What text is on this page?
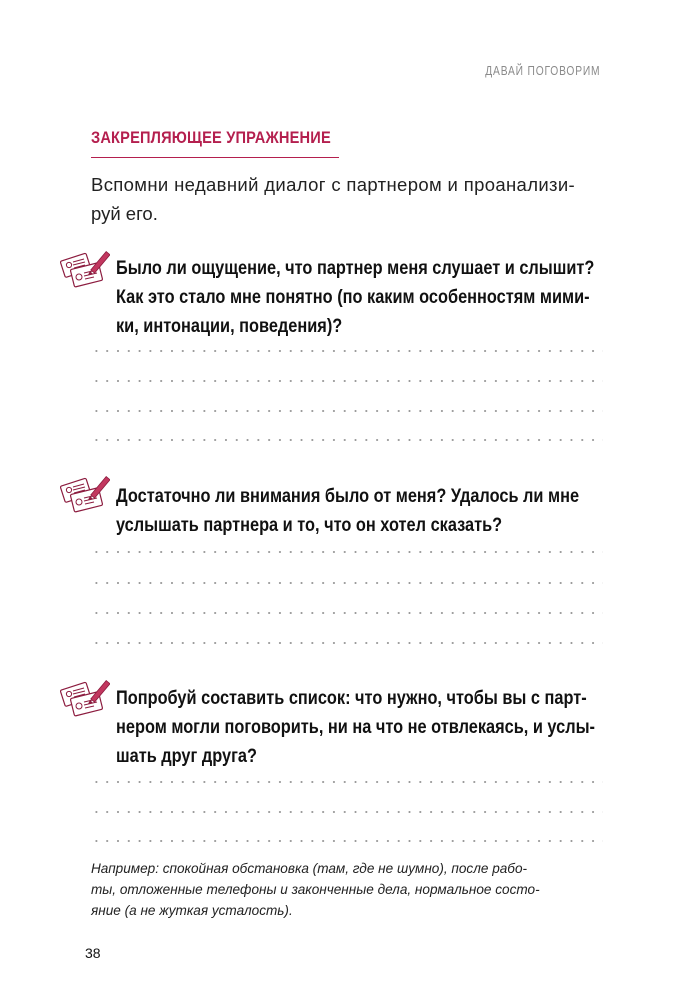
ДАВАЙ ПОГОВОРИМ
ЗАКРЕПЛЯЮЩЕЕ УПРАЖНЕНИЕ
Вспомни недавний диалог с партнером и проанализи-
руй его.
Было ли ощущение, что партнер меня слушает и слышит?
Как это стало мне понятно (по каким особенностям мими-
ки, интонации, поведения)?
Достаточно ли внимания было от меня? Удалось ли мне
услышать партнера и то, что он хотел сказать?
Попробуй составить список: что нужно, чтобы вы с парт-
нером могли поговорить, ни на что не отвлекаясь, и услы-
шать друг друга?
Например: спокойная обстановка (там, где не шумно), после рабо-
ты, отложенные телефоны и законченные дела, нормальное состо-
яние (а не жуткая усталость).
38
